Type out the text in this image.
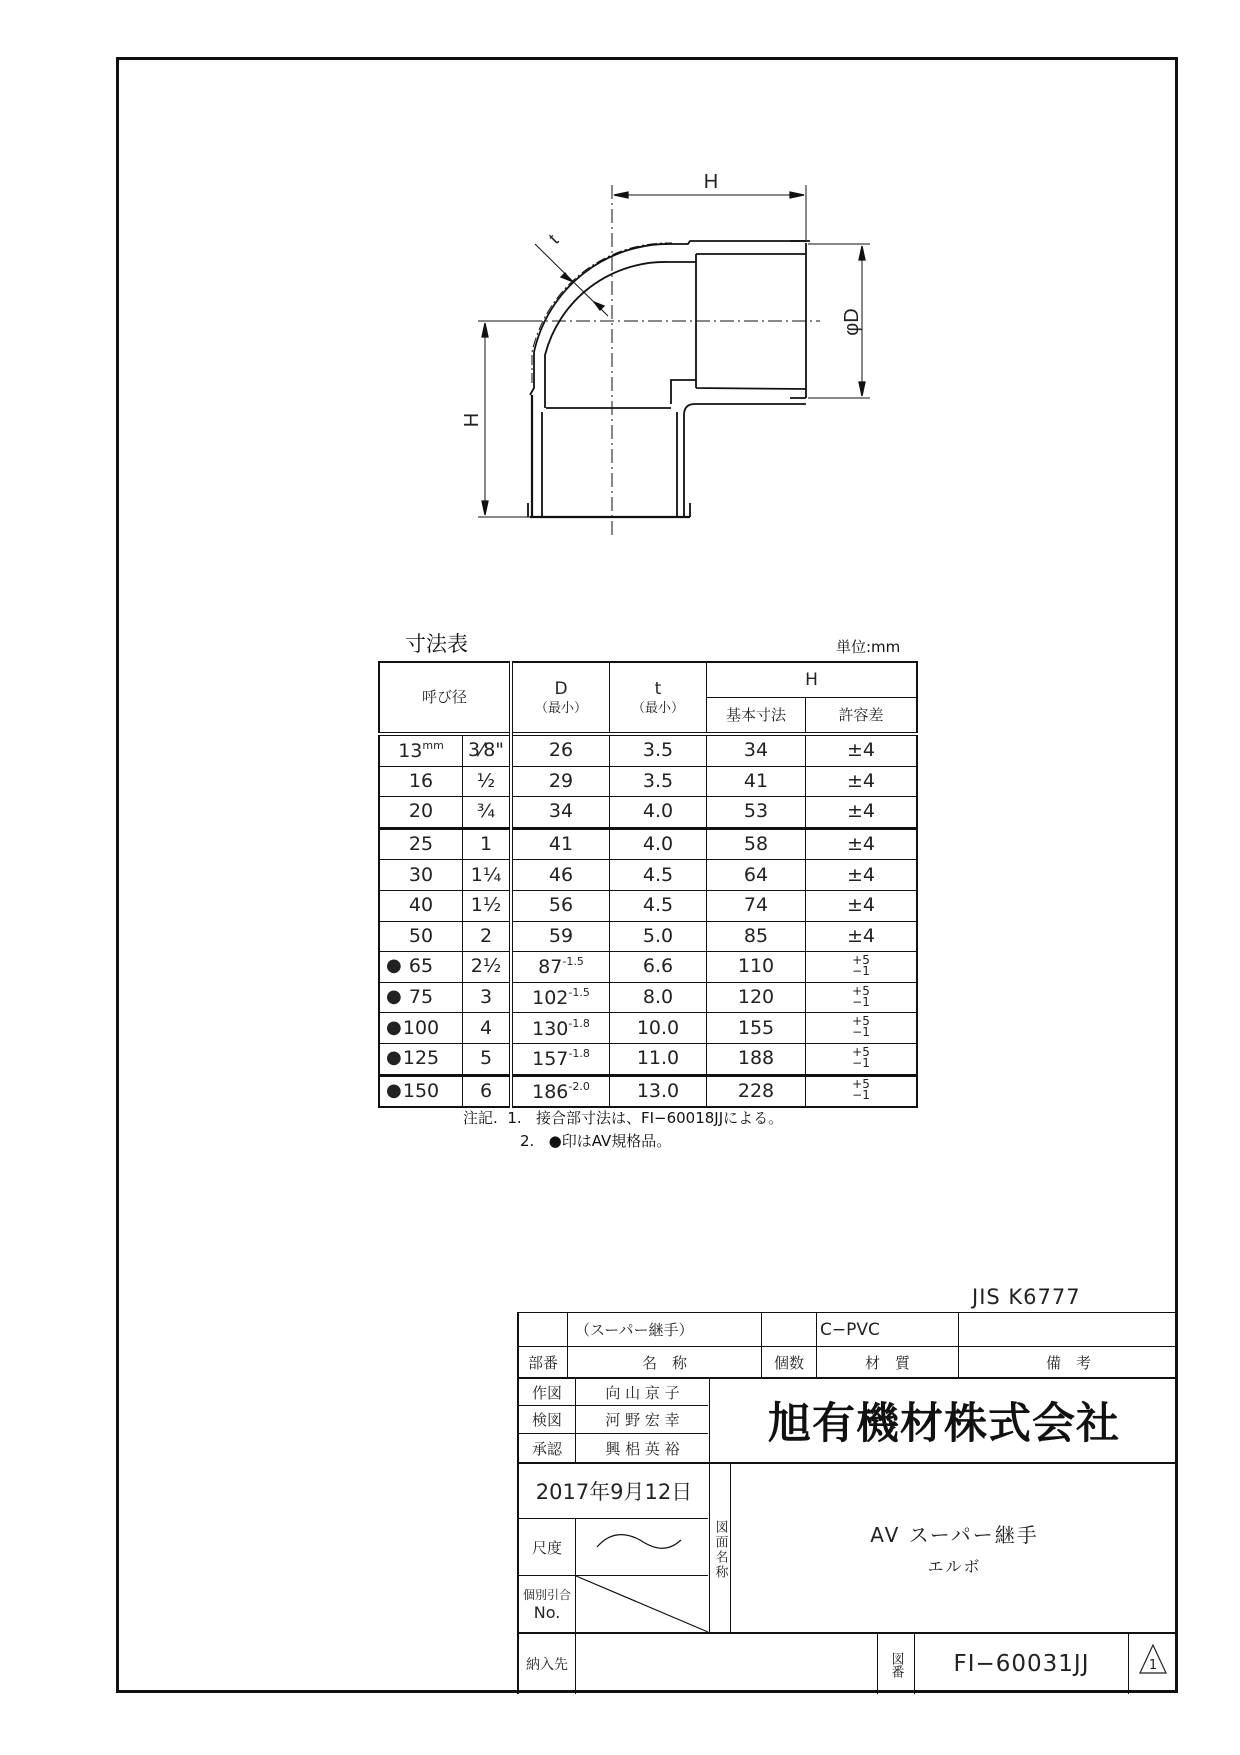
H
H
t
φD
寸法表	単位:mm
呼び径	D
（最小）

t
（最小）
	H
				基本寸法	許容差
$13^{mm}$	3⁄8"	26	3.5	34	±4
16	½	29	3.5	41	±4
20	¾	34	4.0	53	±4
25	1	41	4.0	58	±4
30	1¼	46	4.5	64	±4
40	1½	56	4.5	74	±4
50	2	59	5.0	85	±4

● 65	2½	$87^{-1.5}$	6.6	110	+5
−1

● 75	3	$102^{-1.5}$	8.0	120	+5
−1

● 100	4	$130^{-1.8}$	10.0	155	+5
−1

● 125	5	$157^{-1.8}$	11.0	188	+5
−1

● 150	6	$186^{-2.0}$	13.0	228	+5
−1
注記. 1. 接合部寸法は、FI−60018JJによる。
2. ●印はAV規格品。
JIS K6777
（スーパー継手）	C−PVC
部番	名　称	個数	材　質	備　考
作図	向 山 京 子
検図	河 野 宏 幸
承認	興 梠 英 裕	旭有機材株式会社
2017年9月12日
尺度
個別引合
No.
図面名称	AV スーパー継手
エルボ
納入先	図番	FI−60031JJ	1
